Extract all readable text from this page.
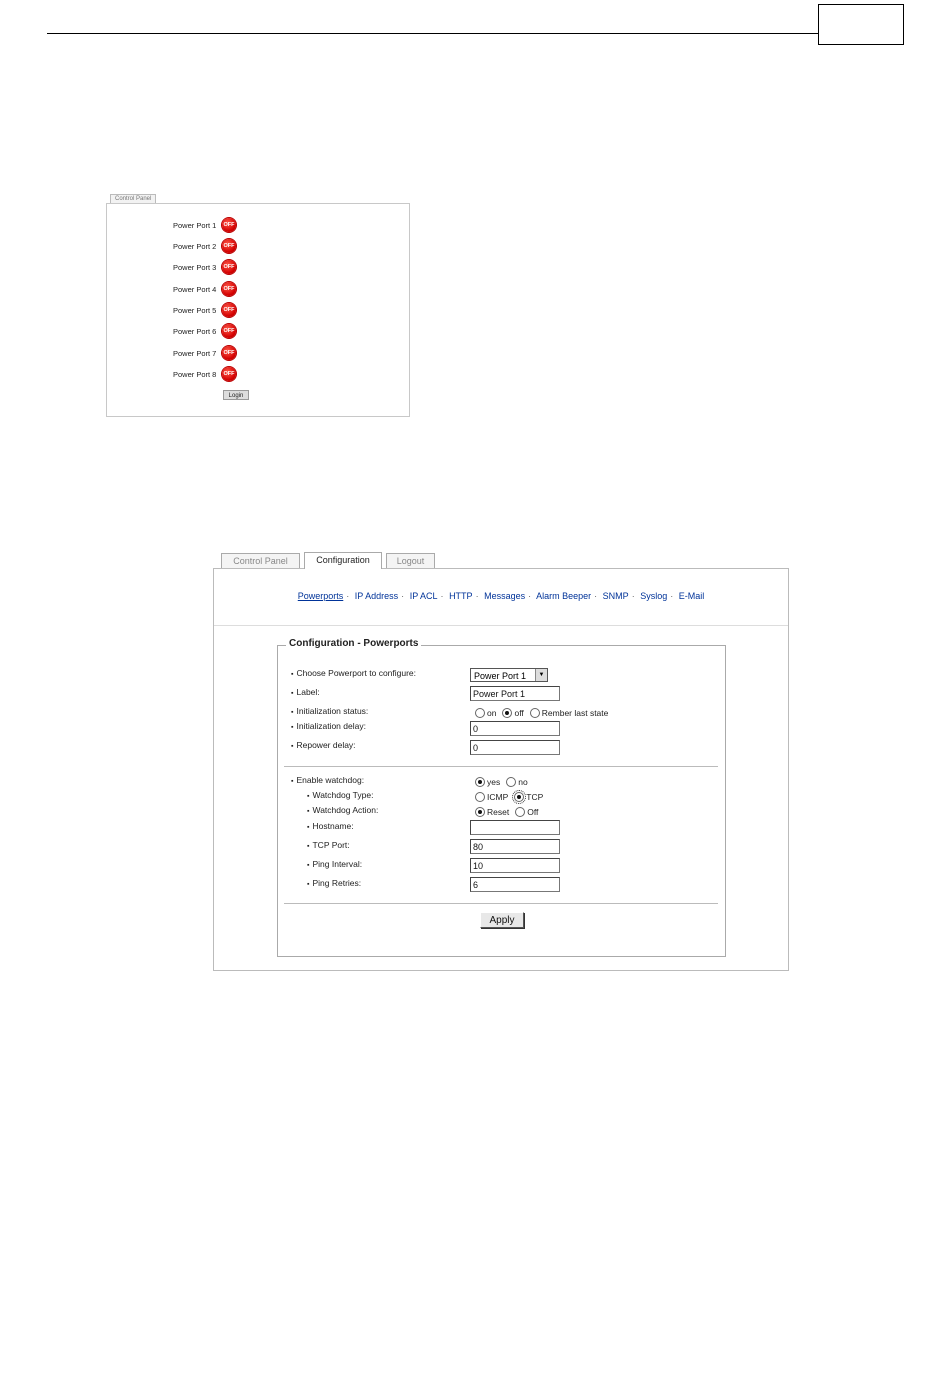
Control Panel
Power Port 1	OFF
Power Port 2	OFF
Power Port 3	OFF
Power Port 4	OFF
Power Port 5	OFF
Power Port 6	OFF
Power Port 7	OFF
Power Port 8	OFF
Login
Control Panel	Configuration	Logout
Powerports · IP Address · IP ACL · HTTP · Messages · Alarm Beeper · SNMP · Syslog · E-Mail
Configuration - Powerports
▪ Choose Powerport to configure:	Power Port 1	▼
▪ Label:	Power Port 1
▪ Initialization status:	on off Rember last state
▪ Initialization delay:	0
▪ Repower delay:	0
▪ Enable watchdog:	yes no
▪ Watchdog Type:	ICMP TCP
▪ Watchdog Action:	Reset Off
▪ Hostname:
▪ TCP Port:	80
▪ Ping Interval:	10
▪ Ping Retries:	6
Apply
